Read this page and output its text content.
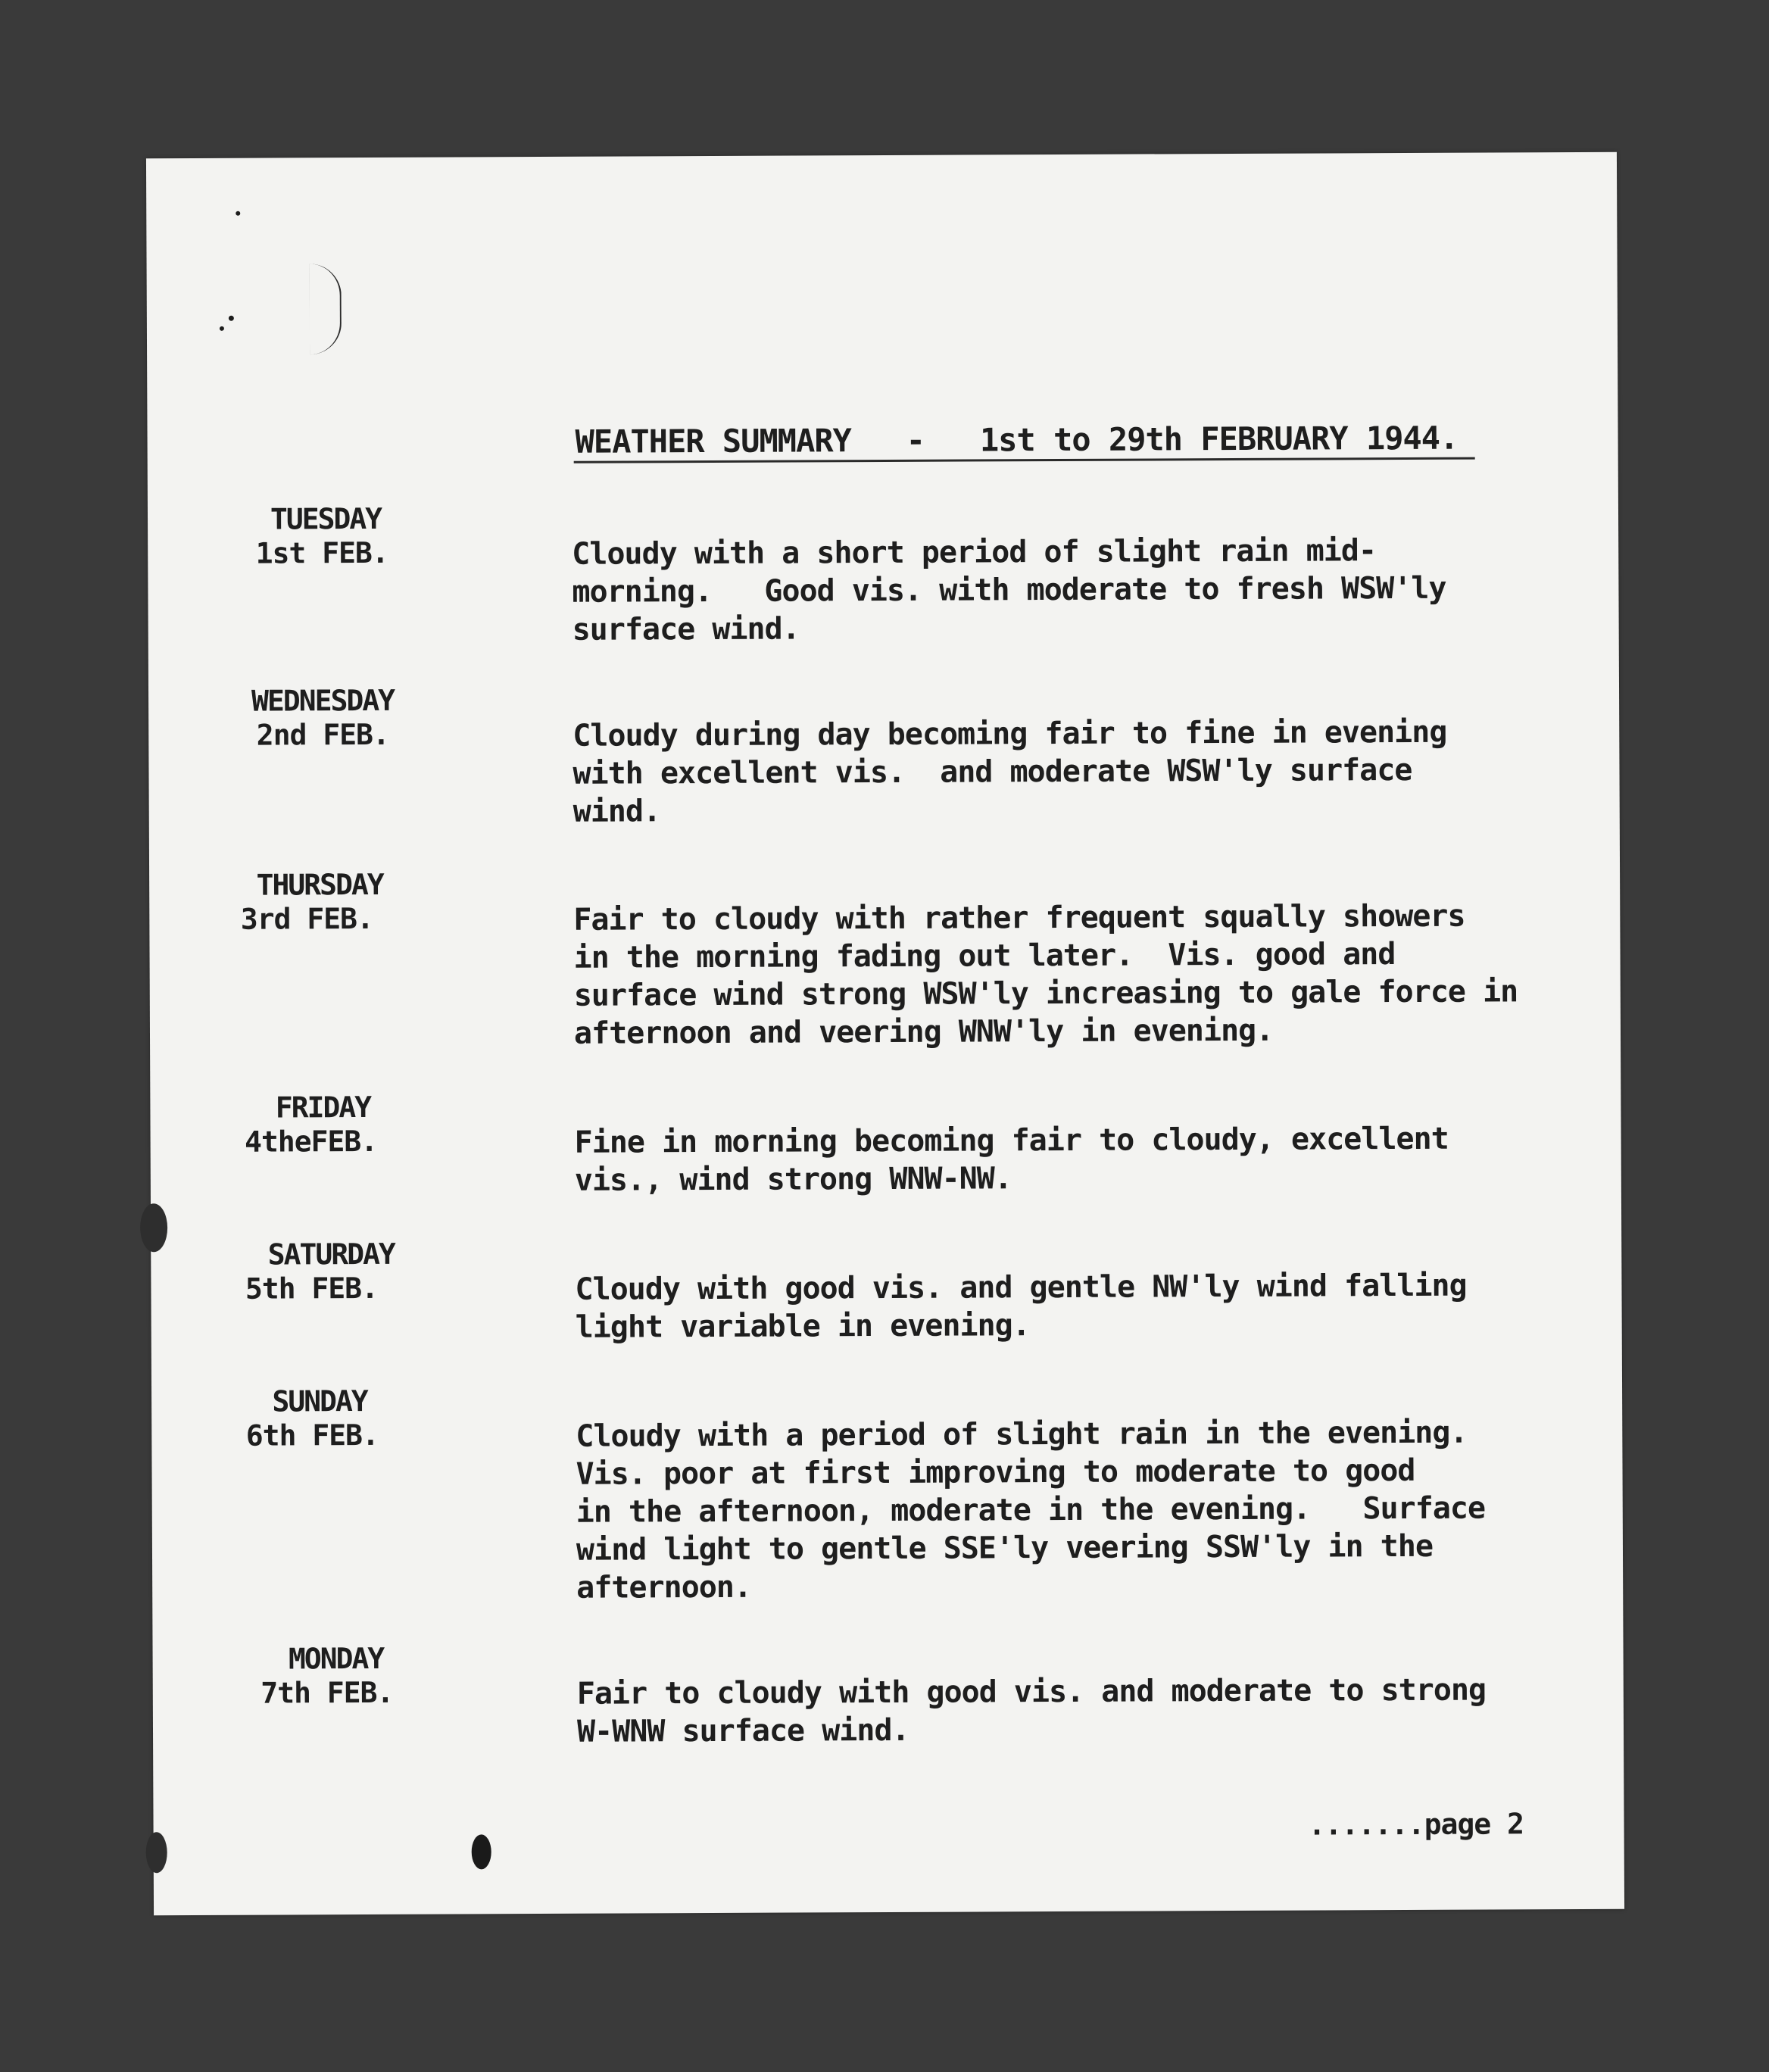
WEATHER SUMMARY   -   1st to 29th FEBRUARY 1944.
TUESDAY
1st FEB.	Cloudy with a short period of slight rain mid-
morning.   Good vis. with moderate to fresh WSW'ly
surface wind.
WEDNESDAY
2nd FEB.	Cloudy during day becoming fair to fine in evening
with excellent vis.  and moderate WSW'ly surface
wind.
THURSDAY
3rd FEB.	Fair to cloudy with rather frequent squally showers
in the morning fading out later.  Vis. good and
surface wind strong WSW'ly increasing to gale force in
afternoon and veering WNW'ly in evening.
FRIDAY
4theFEB.	Fine in morning becoming fair to cloudy, excellent
vis., wind strong WNW-NW.
SATURDAY
5th FEB.	Cloudy with good vis. and gentle NW'ly wind falling
light variable in evening.
SUNDAY
6th FEB.	Cloudy with a period of slight rain in the evening.
Vis. poor at first improving to moderate to good
in the afternoon, moderate in the evening.   Surface
wind light to gentle SSE'ly veering SSW'ly in the
afternoon.
MONDAY
7th FEB.	Fair to cloudy with good vis. and moderate to strong
W-WNW surface wind.
.......page 2
